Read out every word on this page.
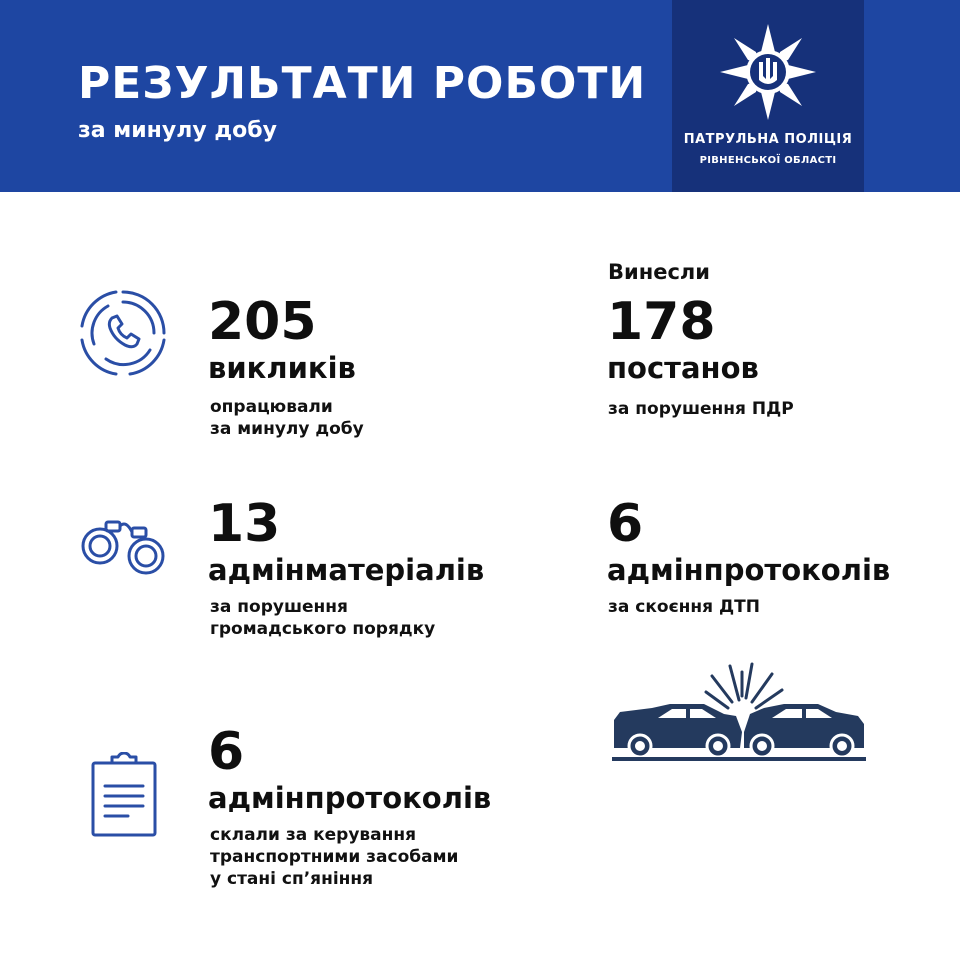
РЕЗУЛЬТАТИ РОБОТИ
за минулу добу	ПАТРУЛЬНА ПОЛІЦІЯ
РІВНЕНСЬКОЇ ОБЛАСТІ
205
викликів
опрацювали
за минулу добу
Винесли
178
постанов
за порушення ПДР
13
адмінматеріалів
за порушення
громадського порядку
6
адмінпротоколів
за скоєння ДТП
6
адмінпротоколів
склали за керування
транспортними засобами
у стані сп’яніння
